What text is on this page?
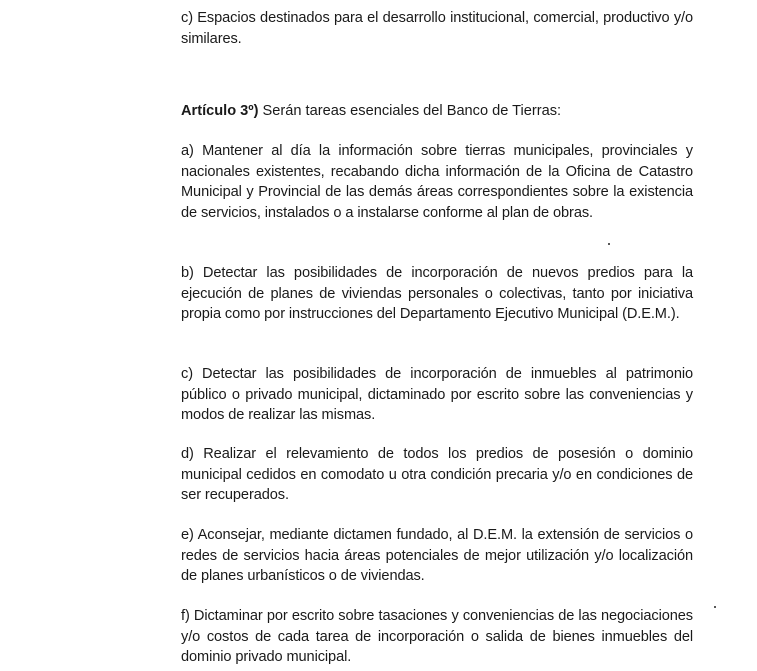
c) Espacios destinados para el desarrollo institucional, comercial, productivo y/o similares.

Artículo 3º) Serán tareas esenciales del Banco de Tierras:

a) Mantener al día la información sobre tierras municipales, provinciales y nacionales existentes, recabando dicha información de la Oficina de Catastro Municipal y Provincial de las demás áreas correspondientes sobre la existencia de servicios, instalados o a instalarse conforme al plan de obras.

b) Detectar las posibilidades de incorporación de nuevos predios para la ejecución de planes de viviendas personales o colectivas, tanto por iniciativa propia como por instrucciones del Departamento Ejecutivo Municipal (D.E.M.).

c) Detectar las posibilidades de incorporación de inmuebles al patrimonio público o privado municipal, dictaminado por escrito sobre las conveniencias y modos de realizar las mismas.

d) Realizar el relevamiento de todos los predios de posesión o dominio municipal cedidos en comodato u otra condición precaria y/o en condiciones de ser recuperados.

e) Aconsejar, mediante dictamen fundado, al D.E.M. la extensión de servicios o redes de servicios hacia áreas potenciales de mejor utilización y/o localización de planes urbanísticos o de viviendas.

f) Dictaminar por escrito sobre tasaciones y conveniencias de las negociaciones y/o costos de cada tarea de incorporación o salida de bienes inmuebles del dominio privado municipal.
